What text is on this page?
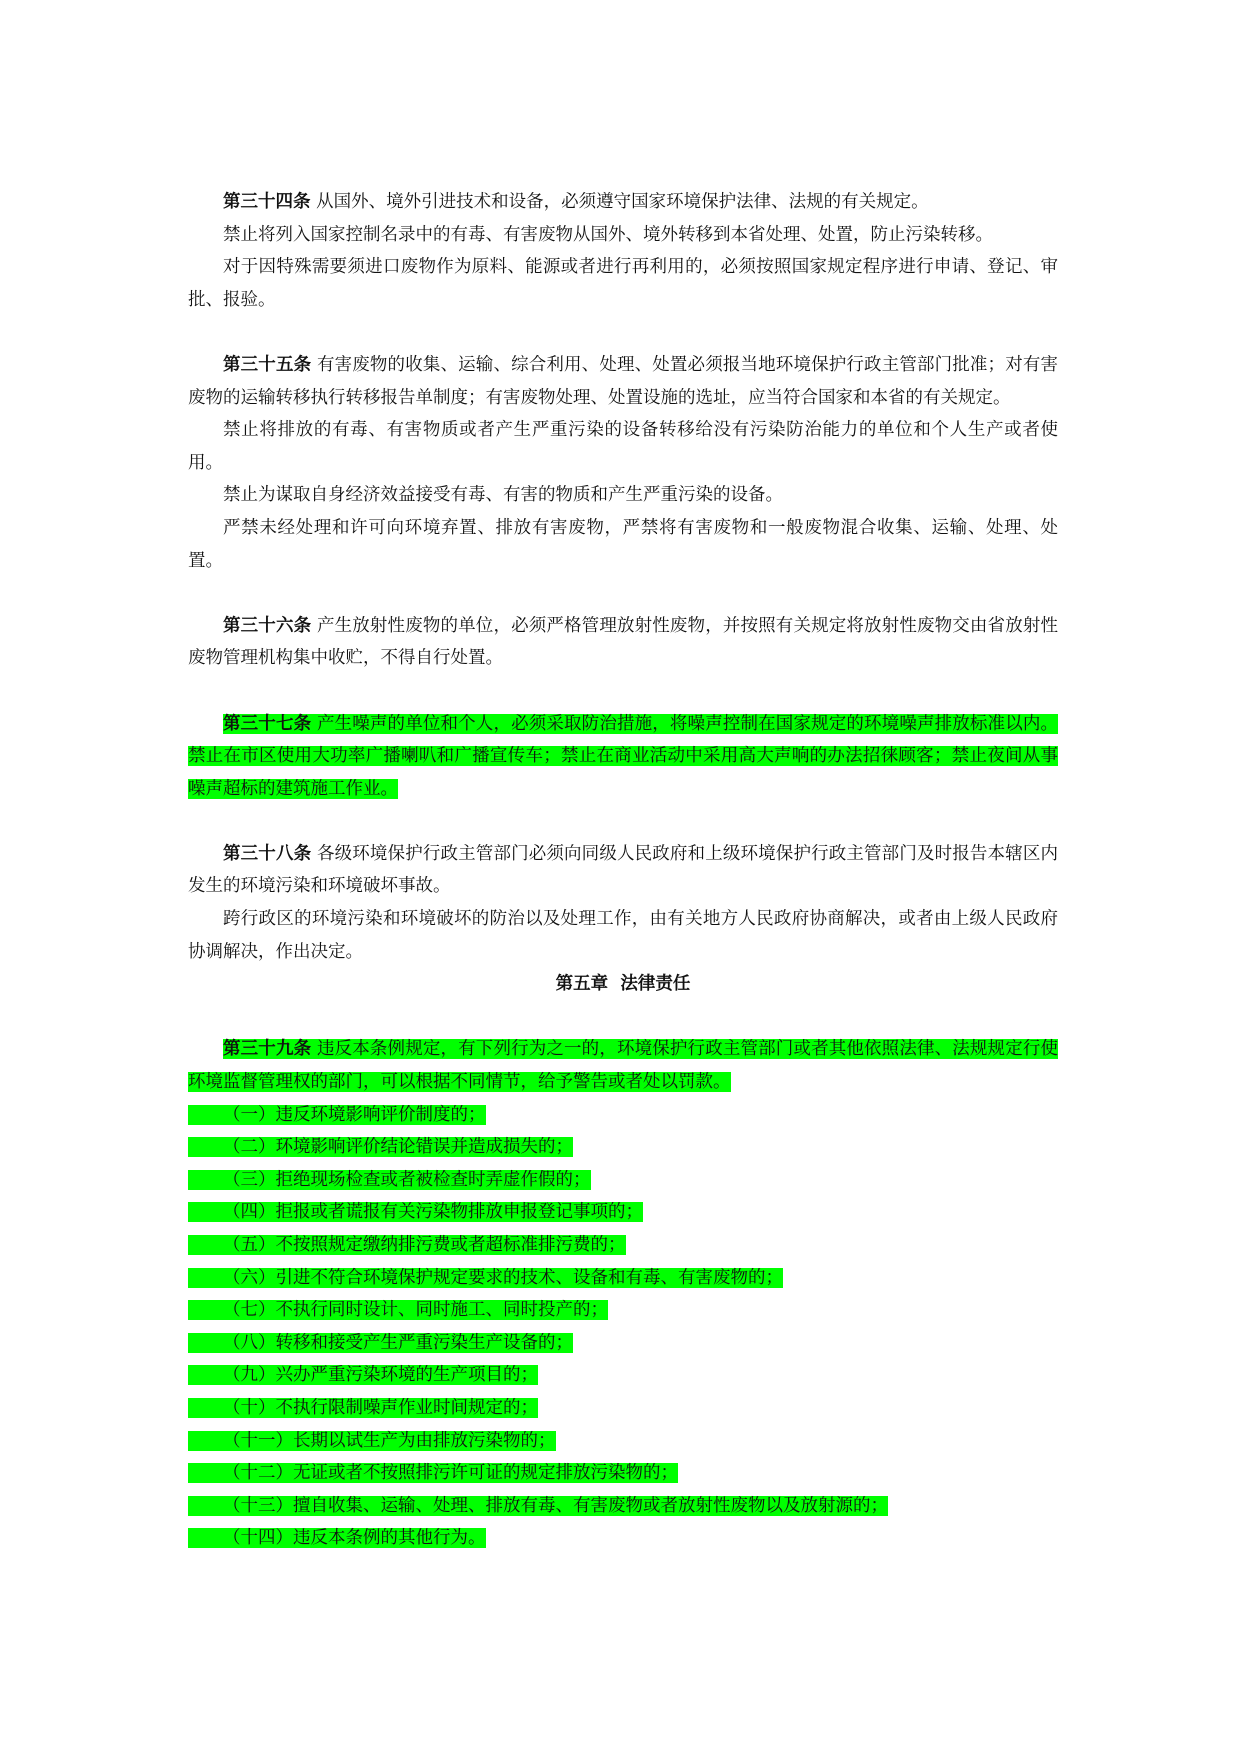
第三十四条 从国外、境外引进技术和设备，必须遵守国家环境保护法律、法规的有关规定。

禁止将列入国家控制名录中的有毒、有害废物从国外、境外转移到本省处理、处置，防止污染转移。

对于因特殊需要须进口废物作为原料、能源或者进行再利用的，必须按照国家规定程序进行申请、登记、审批、报验。

第三十五条 有害废物的收集、运输、综合利用、处理、处置必须报当地环境保护行政主管部门批准；对有害废物的运输转移执行转移报告单制度；有害废物处理、处置设施的选址，应当符合国家和本省的有关规定。

禁止将排放的有毒、有害物质或者产生严重污染的设备转移给没有污染防治能力的单位和个人生产或者使用。

禁止为谋取自身经济效益接受有毒、有害的物质和产生严重污染的设备。

严禁未经处理和许可向环境弃置、排放有害废物，严禁将有害废物和一般废物混合收集、运输、处理、处置。

第三十六条 产生放射性废物的单位，必须严格管理放射性废物，并按照有关规定将放射性废物交由省放射性废物管理机构集中收贮，不得自行处置。

第三十七条 产生噪声的单位和个人，必须采取防治措施，将噪声控制在国家规定的环境噪声排放标准以内。禁止在市区使用大功率广播喇叭和广播宣传车；禁止在商业活动中采用高大声响的办法招徕顾客；禁止夜间从事噪声超标的建筑施工作业。

第三十八条 各级环境保护行政主管部门必须向同级人民政府和上级环境保护行政主管部门及时报告本辖区内发生的环境污染和环境破坏事故。

跨行政区的环境污染和环境破坏的防治以及处理工作，由有关地方人民政府协商解决，或者由上级人民政府协调解决，作出决定。

第五章  法律责任

第三十九条 违反本条例规定，有下列行为之一的，环境保护行政主管部门或者其他依照法律、法规规定行使环境监督管理权的部门，可以根据不同情节，给予警告或者处以罚款。

（一）违反环境影响评价制度的；

（二）环境影响评价结论错误并造成损失的；

（三）拒绝现场检查或者被检查时弄虚作假的；

（四）拒报或者谎报有关污染物排放申报登记事项的；

（五）不按照规定缴纳排污费或者超标准排污费的；

（六）引进不符合环境保护规定要求的技术、设备和有毒、有害废物的；

（七）不执行同时设计、同时施工、同时投产的；

（八）转移和接受产生严重污染生产设备的；

（九）兴办严重污染环境的生产项目的；

（十）不执行限制噪声作业时间规定的；

（十一）长期以试生产为由排放污染物的；

（十二）无证或者不按照排污许可证的规定排放污染物的；

（十三）擅自收集、运输、处理、排放有毒、有害废物或者放射性废物以及放射源的；

（十四）违反本条例的其他行为。
